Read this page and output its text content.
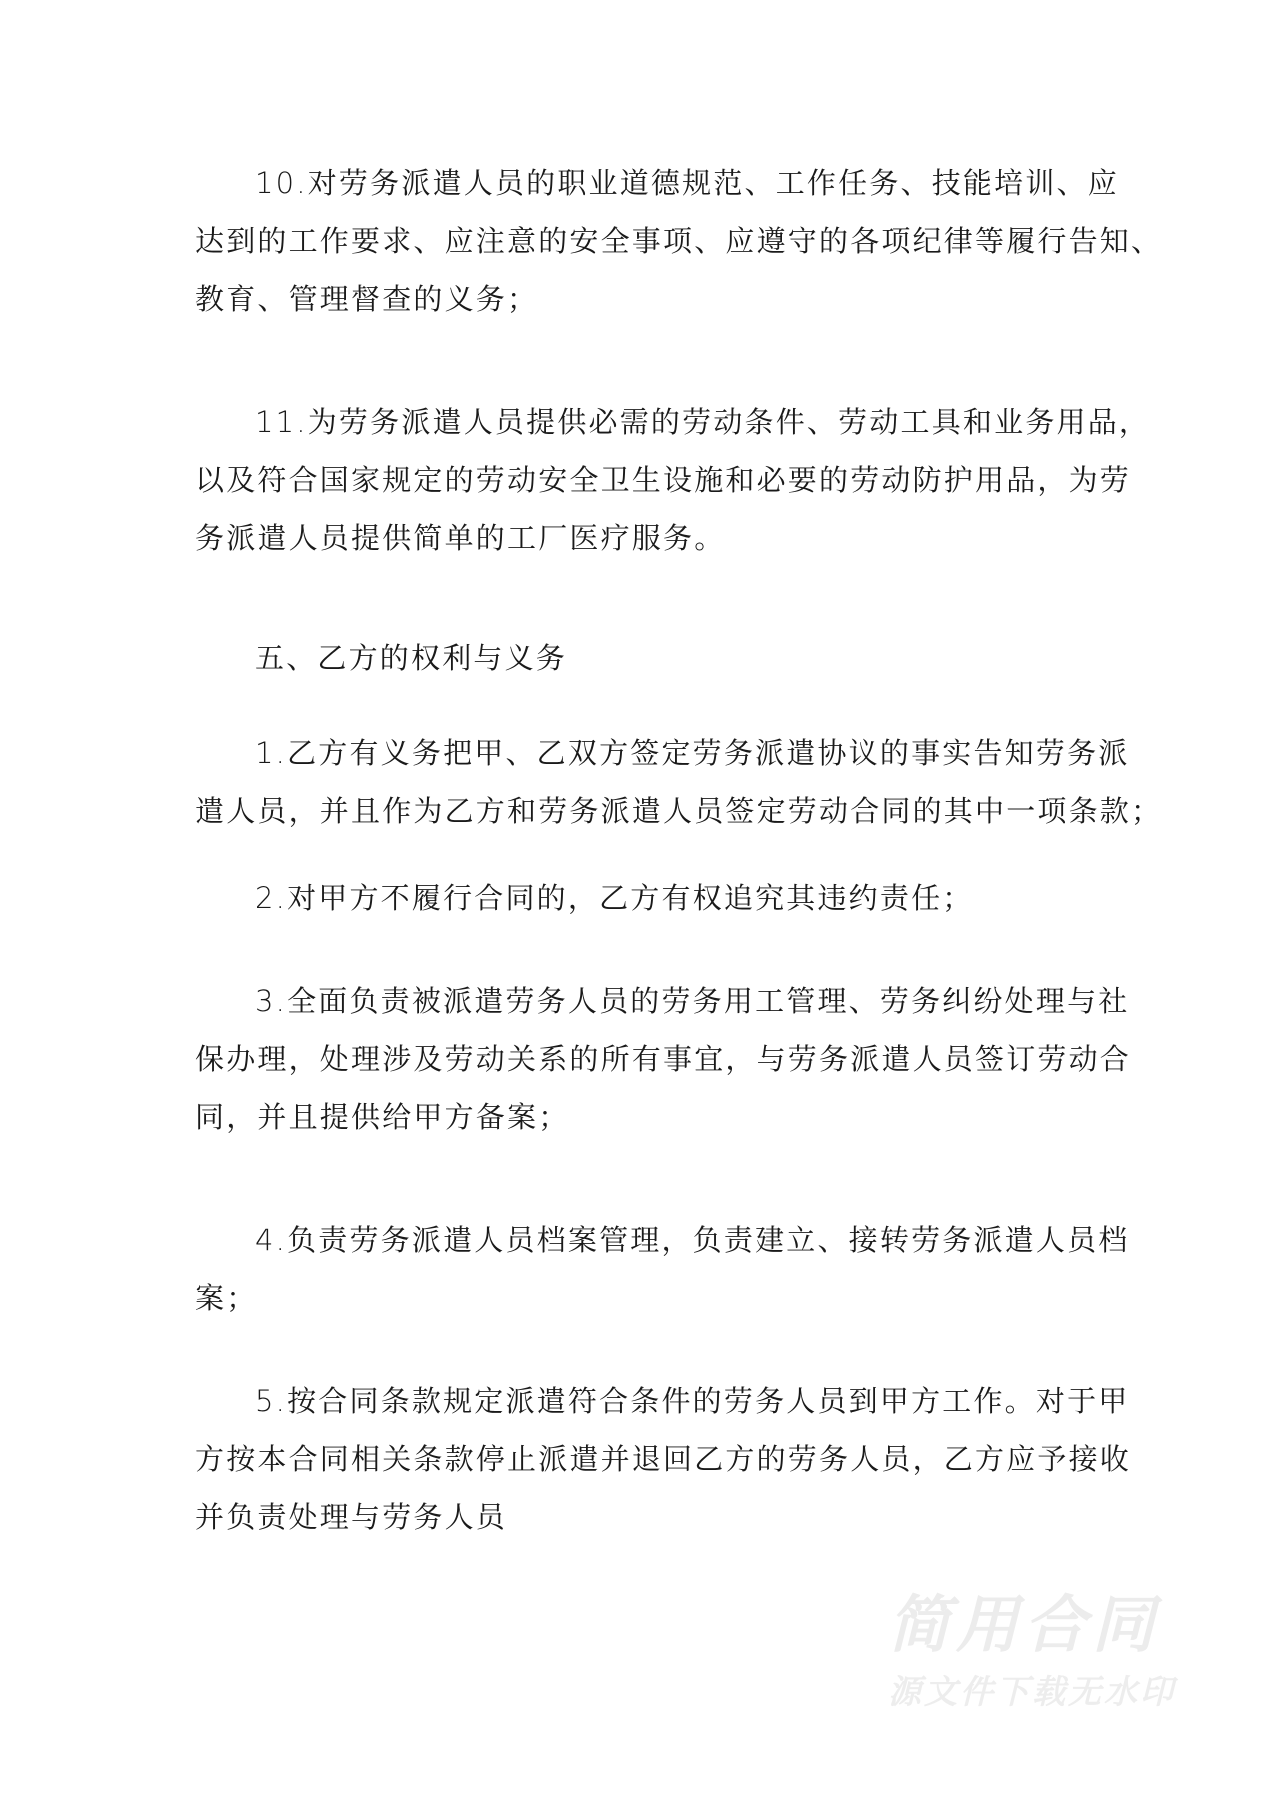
10.对劳务派遣人员的职业道德规范、工作任务、技能培训、应
达到的工作要求、应注意的安全事项、应遵守的各项纪律等履行告知、
教育、管理督查的义务；
11.为劳务派遣人员提供必需的劳动条件、劳动工具和业务用品，
以及符合国家规定的劳动安全卫生设施和必要的劳动防护用品，为劳
务派遣人员提供简单的工厂医疗服务。
五、乙方的权利与义务
1.乙方有义务把甲、乙双方签定劳务派遣协议的事实告知劳务派
遣人员，并且作为乙方和劳务派遣人员签定劳动合同的其中一项条款；
2.对甲方不履行合同的，乙方有权追究其违约责任；
3.全面负责被派遣劳务人员的劳务用工管理、劳务纠纷处理与社
保办理，处理涉及劳动关系的所有事宜，与劳务派遣人员签订劳动合
同，并且提供给甲方备案；
4.负责劳务派遣人员档案管理，负责建立、接转劳务派遣人员档
案；
5.按合同条款规定派遣符合条件的劳务人员到甲方工作。对于甲
方按本合同相关条款停止派遣并退回乙方的劳务人员，乙方应予接收
并负责处理与劳务人员
简用合同
源文件下载无水印
